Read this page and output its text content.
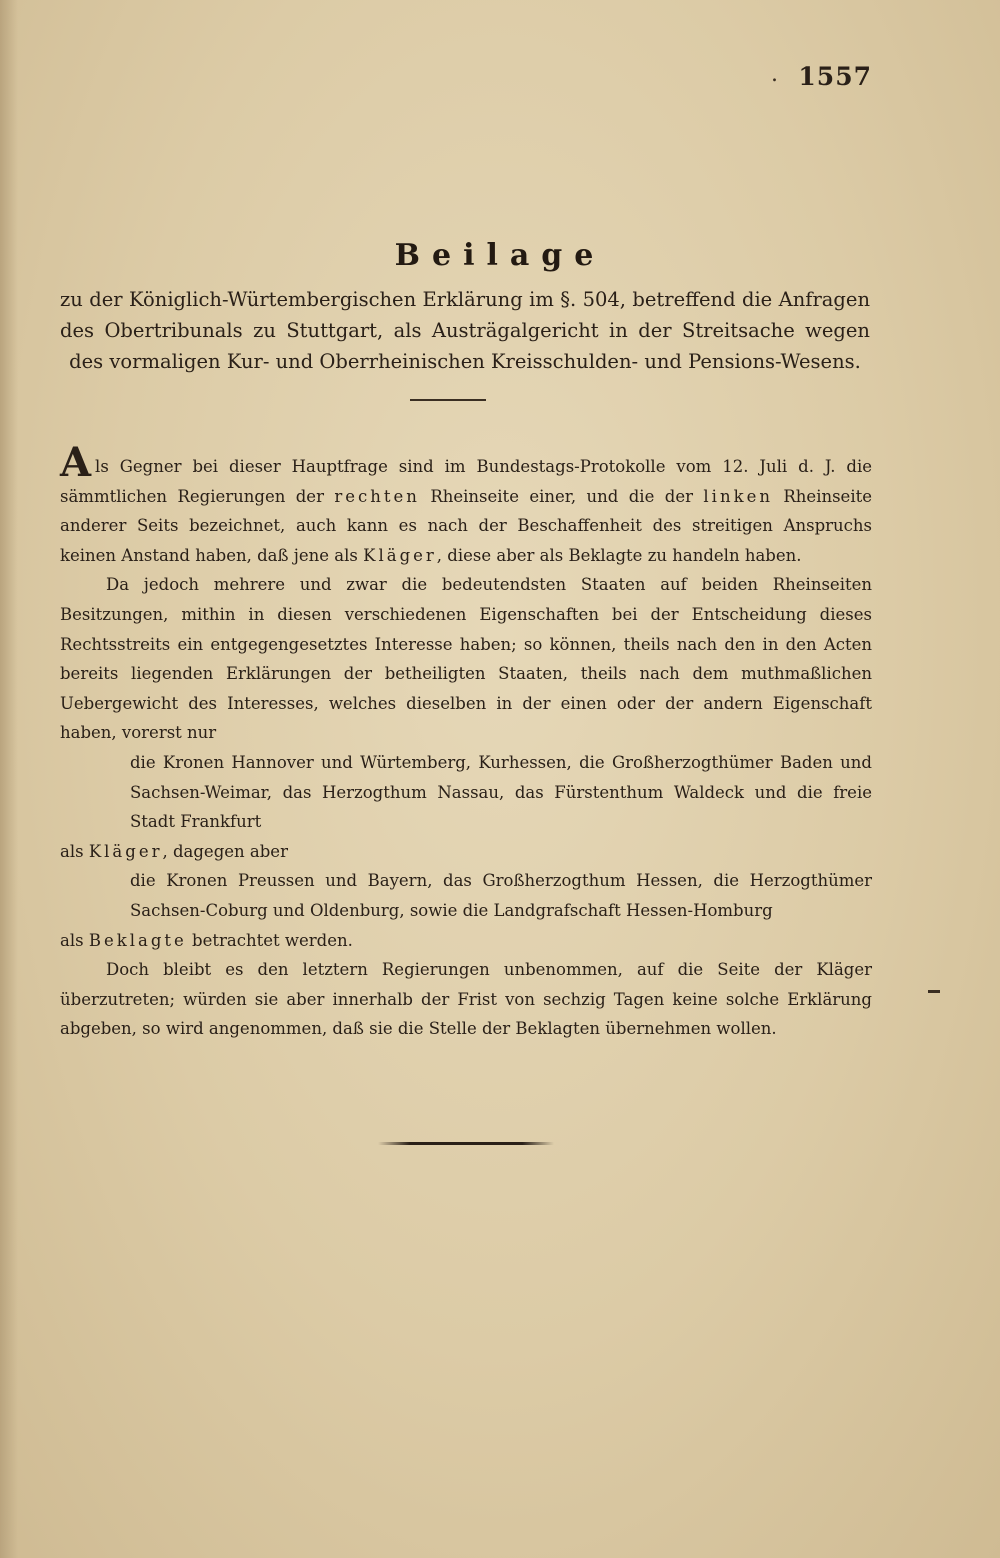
. 1557
Beilage
zu der Königlich-Würtembergischen Erklärung im §. 504, betreffend die Anfragen des Obertribunals zu Stuttgart, als Austrägalgericht in der Streitsache wegen des vormaligen Kur- und Oberrheinischen Kreisschulden- und Pensions-Wesens.

Als Gegner bei dieser Hauptfrage sind im Bundestags-Protokolle vom 12. Juli d. J. die sämmtlichen Regierungen der rechten Rheinseite einer, und die der linken Rheinseite anderer Seits bezeichnet, auch kann es nach der Beschaffenheit des streitigen Anspruchs keinen Anstand haben, daß jene als Kläger, diese aber als Beklagte zu handeln haben.

Da jedoch mehrere und zwar die bedeutendsten Staaten auf beiden Rheinseiten Besitzungen, mithin in diesen verschiedenen Eigenschaften bei der Entscheidung dieses Rechtsstreits ein entgegengesetztes Interesse haben; so können, theils nach den in den Acten bereits liegenden Erklärungen der betheiligten Staaten, theils nach dem muthmaßlichen Uebergewicht des Interesses, welches dieselben in der einen oder der andern Eigenschaft haben, vorerst nur

die Kronen Hannover und Würtemberg, Kurhessen, die Großherzogthümer Baden und Sachsen-Weimar, das Herzogthum Nassau, das Fürstenthum Waldeck und die freie Stadt Frankfurt

als Kläger, dagegen aber

die Kronen Preussen und Bayern, das Großherzogthum Hessen, die Herzogthümer Sachsen-Coburg und Oldenburg, sowie die Landgrafschaft Hessen-Homburg

als Beklagte betrachtet werden.

Doch bleibt es den letztern Regierungen unbenommen, auf die Seite der Kläger überzutreten; würden sie aber innerhalb der Frist von sechzig Tagen keine solche Erklärung abgeben, so wird angenommen, daß sie die Stelle der Beklagten übernehmen wollen.
